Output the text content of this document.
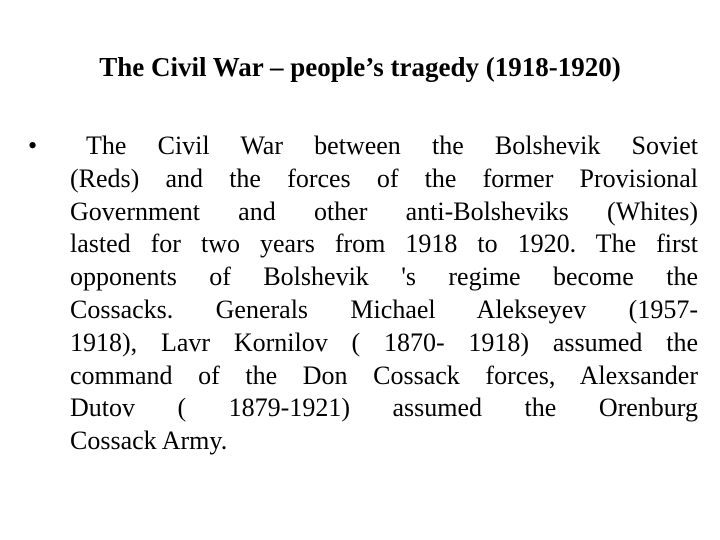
The Civil War – people’s tragedy (1918-1920)
•	The Civil War between the Bolshevik Soviet
(Reds) and the forces of the former Provisional
Government and other anti-Bolsheviks (Whites)
lasted for two years from 1918 to 1920. The first
opponents of Bolshevik 's regime become the
Cossacks. Generals Michael Alekseyev (1957-
1918), Lavr Kornilov ( 1870- 1918) assumed the
command of the Don Cossack forces, Alexsander
Dutov ( 1879-1921) assumed the Orenburg
Cossack Army.
